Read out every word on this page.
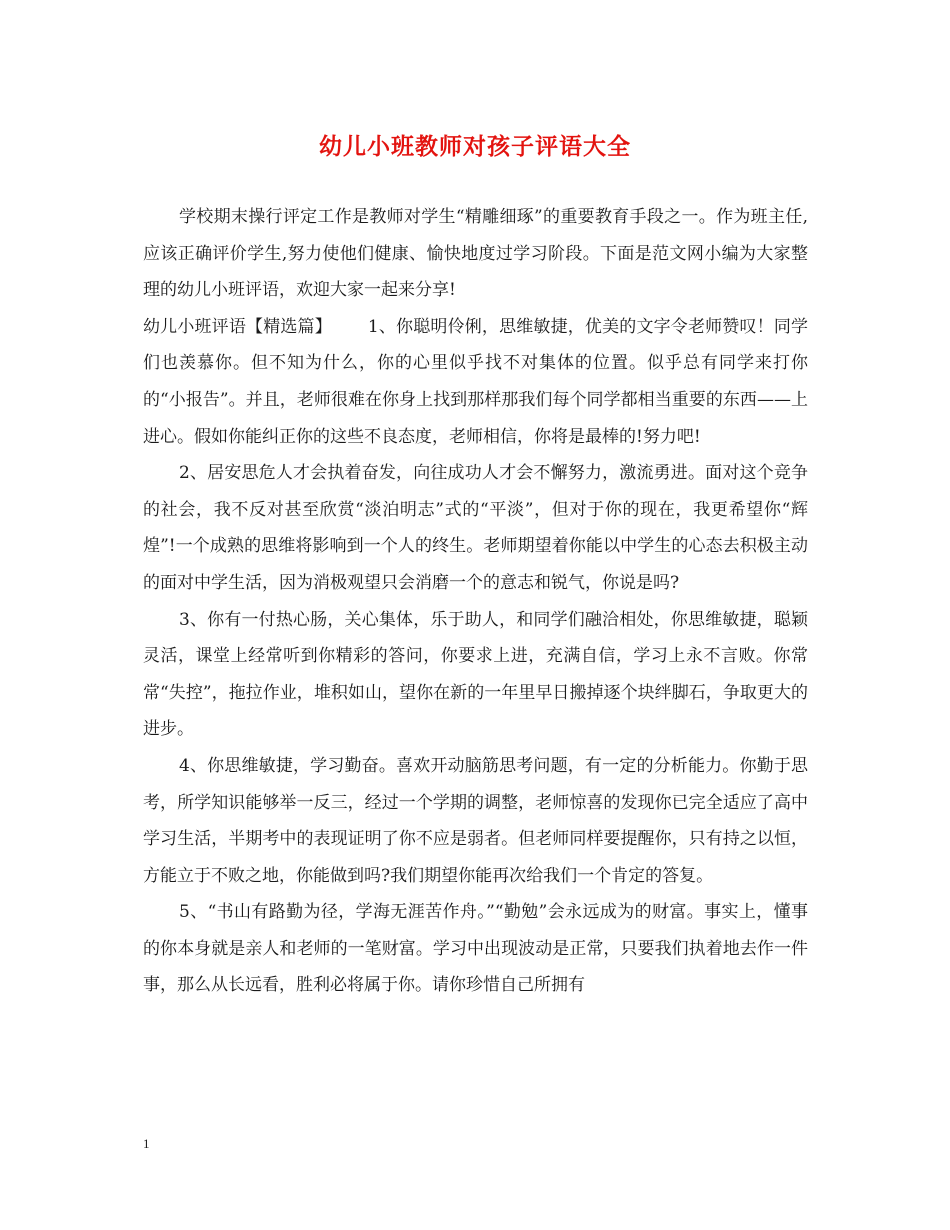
幼儿小班教师对孩子评语大全

学校期末操行评定工作是教师对学生“精雕细琢”的重要教育手段之一。作为班主任,应该正确评价学生,努力使他们健康、愉快地度过学习阶段。下面是范文网小编为大家整理的幼儿小班评语，欢迎大家一起来分享!

幼儿小班评语【精选篇】 1、你聪明伶俐，思维敏捷，优美的文字令老师赞叹！同学们也羡慕你。但不知为什么，你的心里似乎找不对集体的位置。似乎总有同学来打你的“小报告”。并且，老师很难在你身上找到那样那我们每个同学都相当重要的东西——上进心。假如你能纠正你的这些不良态度，老师相信，你将是最棒的!努力吧!

2、居安思危人才会执着奋发，向往成功人才会不懈努力，激流勇进。面对这个竞争的社会，我不反对甚至欣赏“淡泊明志”式的“平淡”，但对于你的现在，我更希望你“辉煌”!一个成熟的思维将影响到一个人的终生。老师期望着你能以中学生的心态去积极主动的面对中学生活，因为消极观望只会消磨一个的意志和锐气，你说是吗?

3、你有一付热心肠，关心集体，乐于助人，和同学们融洽相处，你思维敏捷，聪颖灵活，课堂上经常听到你精彩的答问，你要求上进，充满自信，学习上永不言败。你常常“失控”，拖拉作业，堆积如山，望你在新的一年里早日搬掉逐个块绊脚石，争取更大的进步。

4、你思维敏捷，学习勤奋。喜欢开动脑筋思考问题，有一定的分析能力。你勤于思考，所学知识能够举一反三，经过一个学期的调整，老师惊喜的发现你已完全适应了高中学习生活，半期考中的表现证明了你不应是弱者。但老师同样要提醒你，只有持之以恒，方能立于不败之地，你能做到吗?我们期望你能再次给我们一个肯定的答复。

5、“书山有路勤为径，学海无涯苦作舟。”“勤勉”会永远成为的财富。事实上，懂事的你本身就是亲人和老师的一笔财富。学习中出现波动是正常，只要我们执着地去作一件事，那么从长远看，胜利必将属于你。请你珍惜自己所拥有

1
